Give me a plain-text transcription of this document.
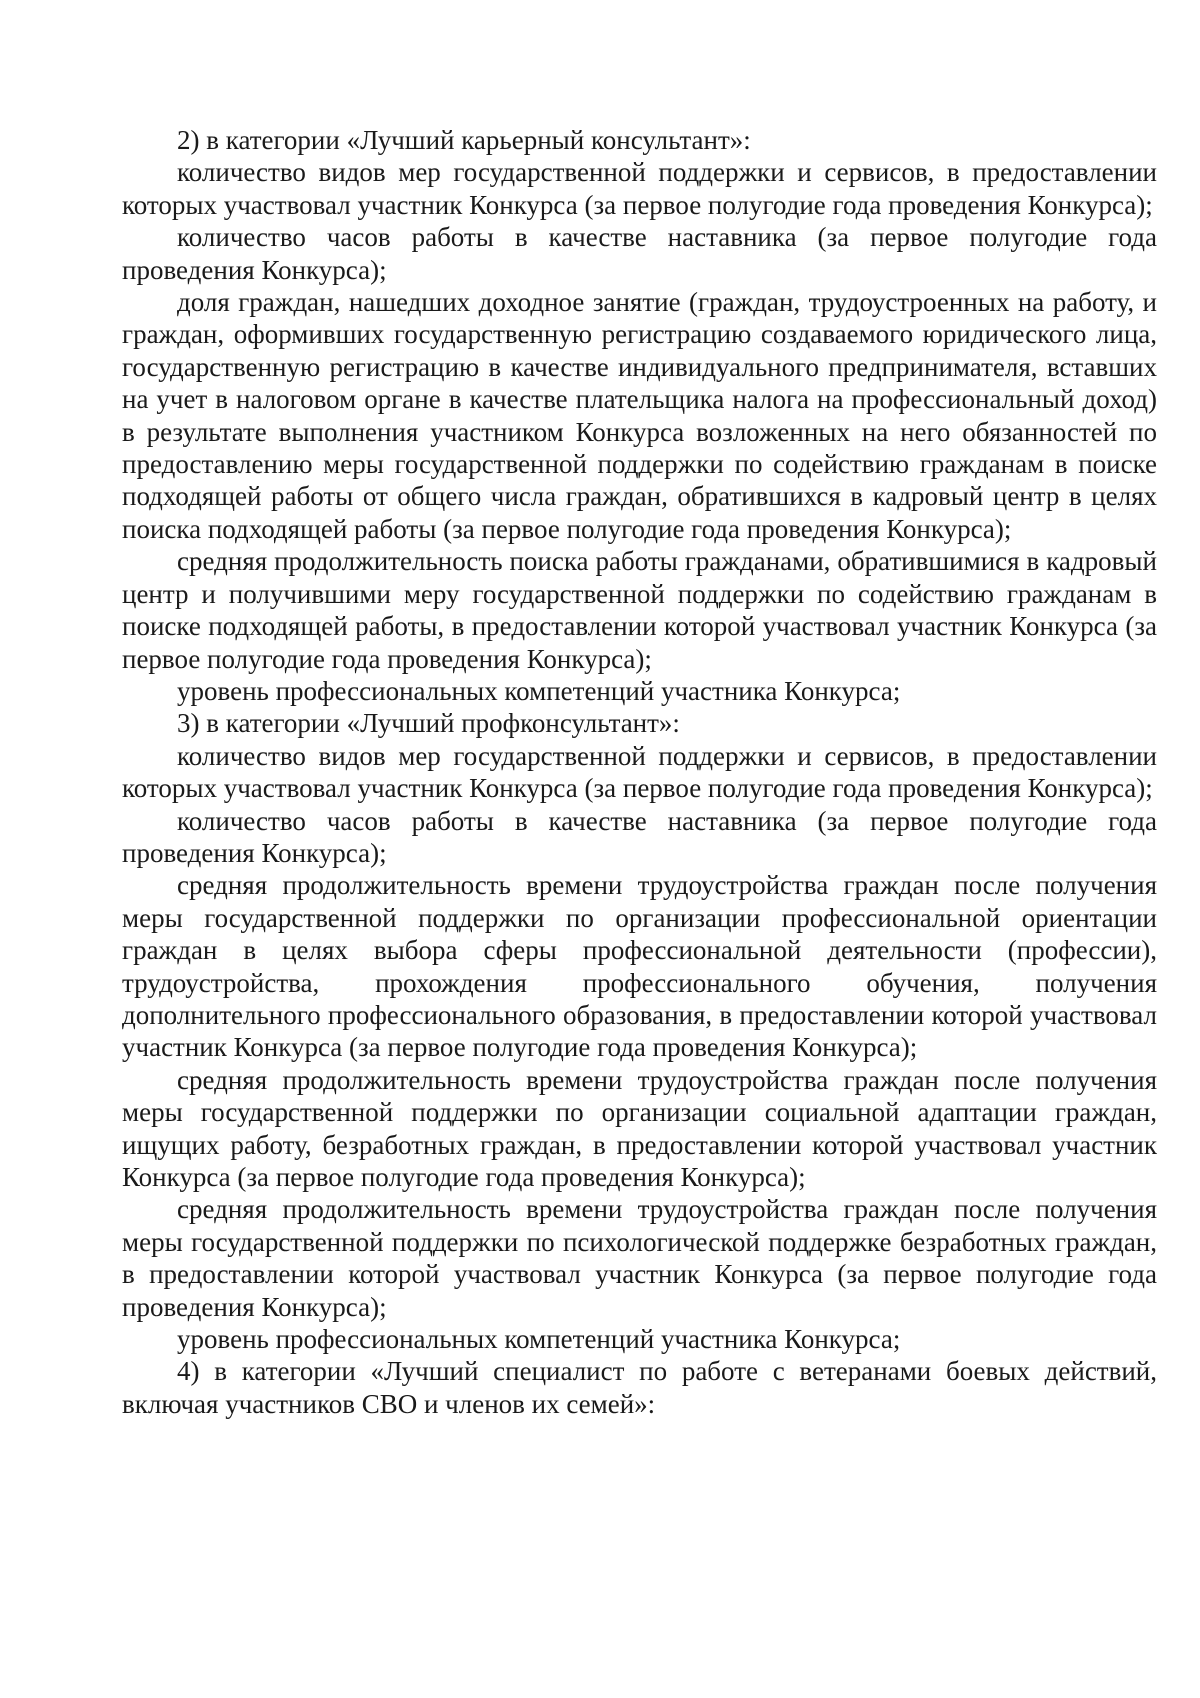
2) в категории «Лучший карьерный консультант»:

количество видов мер государственной поддержки и сервисов, в предоставлении которых участвовал участник Конкурса (за первое полугодие года проведения Конкурса);

количество часов работы в качестве наставника (за первое полугодие года проведения Конкурса);

доля граждан, нашедших доходное занятие (граждан, трудоустроенных на работу, и граждан, оформивших государственную регистрацию создаваемого юридического лица, государственную регистрацию в качестве индивидуального предпринимателя, вставших на учет в налоговом органе в качестве плательщика налога на профессиональный доход) в результате выполнения участником Конкурса возложенных на него обязанностей по предоставлению меры государственной поддержки по содействию гражданам в поиске подходящей работы от общего числа граждан, обратившихся в кадровый центр в целях поиска подходящей работы (за первое полугодие года проведения Конкурса);

средняя продолжительность поиска работы гражданами, обратившимися в кадровый центр и получившими меру государственной поддержки по содействию гражданам в поиске подходящей работы, в предоставлении которой участвовал участник Конкурса (за первое полугодие года проведения Конкурса);

уровень профессиональных компетенций участника Конкурса;

3) в категории «Лучший профконсультант»:

количество видов мер государственной поддержки и сервисов, в предоставлении которых участвовал участник Конкурса (за первое полугодие года проведения Конкурса);

количество часов работы в качестве наставника (за первое полугодие года проведения Конкурса);

средняя продолжительность времени трудоустройства граждан после получения меры государственной поддержки по организации профессиональной ориентации граждан в целях выбора сферы профессиональной деятельности (профессии), трудоустройства, прохождения профессионального обучения, получения дополнительного профессионального образования, в предоставлении которой участвовал участник Конкурса (за первое полугодие года проведения Конкурса);

средняя продолжительность времени трудоустройства граждан после получения меры государственной поддержки по организации социальной адаптации граждан, ищущих работу, безработных граждан, в предоставлении которой участвовал участник Конкурса (за первое полугодие года проведения Конкурса);

средняя продолжительность времени трудоустройства граждан после получения меры государственной поддержки по психологической поддержке безработных граждан, в предоставлении которой участвовал участник Конкурса (за первое полугодие года проведения Конкурса);

уровень профессиональных компетенций участника Конкурса;

4) в категории «Лучший специалист по работе с ветеранами боевых действий, включая участников СВО и членов их семей»:
